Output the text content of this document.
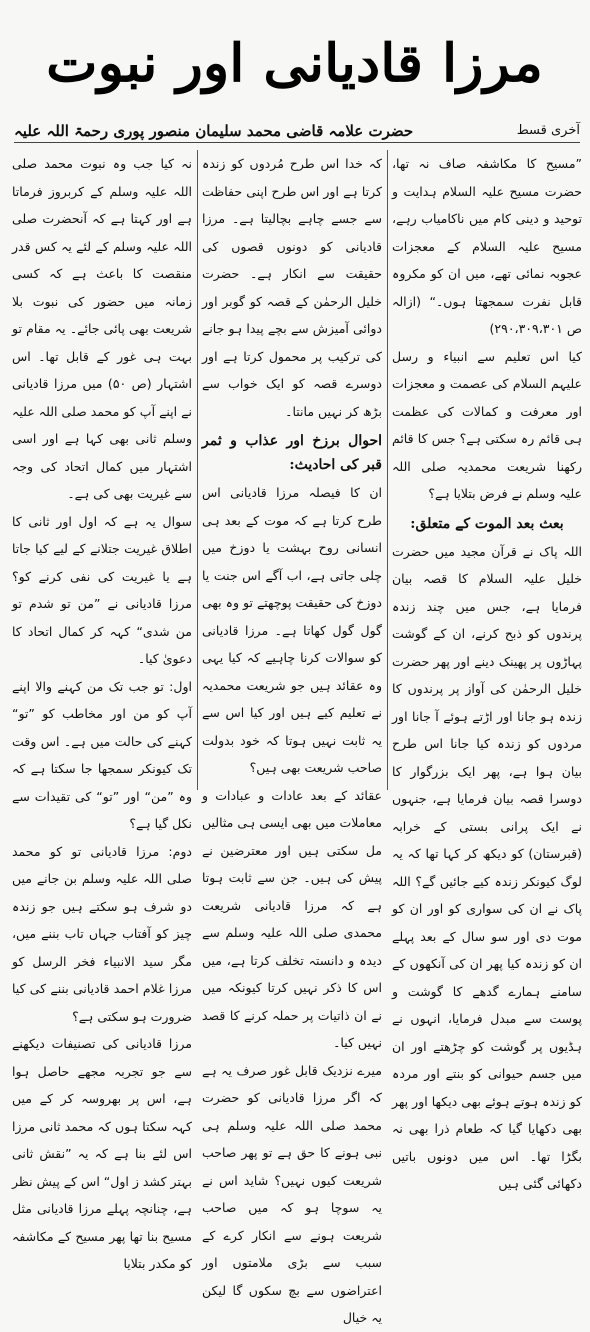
مرزا قادیانی اور نبوت
حضرت علامہ قاضی محمد سلیمان منصور پوری رحمۃ اللہ علیہ	آخری قسط

”مسیح کا مکاشفہ صاف نہ تھا، حضرت مسیح علیہ السلام ہدایت و توحید و دینی کام میں ناکامیاب رہے، مسیح علیہ السلام کے معجزات عجوبہ نمائی تھے، میں ان کو مکروہ قابل نفرت سمجھتا ہوں۔“ (ازالہ ص ۲۹۰،۳۰۹،۳۰۱)

کیا اس تعلیم سے انبیاء و رسل علیہم السلام کی عصمت و معجزات اور معرفت و کمالات کی عظمت ہی قائم رہ سکتی ہے؟ جس کا قائم رکھنا شریعت محمدیہ صلی اللہ علیہ وسلم نے فرض بتلایا ہے؟

بعث بعد الموت کے متعلق:

اللہ پاک نے قرآن مجید میں حضرت خلیل علیہ السلام کا قصہ بیان فرمایا ہے، جس میں چند زندہ پرندوں کو ذبح کرنے، ان کے گوشت پہاڑوں پر پھینک دینے اور پھر حضرت خلیل الرحمٰن کی آواز پر پرندوں کا زندہ ہو جانا اور اڑتے ہوئے آ جانا اور مردوں کو زندہ کیا جانا اس طرح بیان ہوا ہے، پھر ایک بزرگوار کا دوسرا قصہ بیان فرمایا ہے، جنہوں نے ایک پرانی بستی کے خرابہ (قبرستان) کو دیکھ کر کہا تھا کہ یہ لوگ کیونکر زندہ کیے جائیں گے؟ اللہ پاک نے ان کی سواری کو اور ان کو موت دی اور سو سال کے بعد پہلے ان کو زندہ کیا پھر ان کی آنکھوں کے سامنے ہمارے گدھے کا گوشت و پوست سے مبدل فرمایا، انہوں نے ہڈیوں پر گوشت کو چڑھتے اور ان میں جسم حیوانی کو بنتے اور مردہ کو زندہ ہوتے ہوئے بھی دیکھا اور پھر بھی دکھایا گیا کہ طعام ذرا بھی نہ بگڑا تھا۔ اس میں دونوں باتیں دکھائی گئی ہیں

کہ خدا اس طرح مُردوں کو زندہ کرتا ہے اور اس طرح اپنی حفاظت سے جسے چاہے بچالیتا ہے۔ مرزا قادیانی کو دونوں قصوں کی حقیقت سے انکار ہے۔ حضرت خلیل الرحمٰن کے قصہ کو گوبر اور دوائی آمیزش سے بچے پیدا ہو جانے کی ترکیب پر محمول کرتا ہے اور دوسرے قصہ کو ایک خواب سے بڑھ کر نہیں مانتا۔

احوال برزخ اور عذاب و ثمر قبر کی احادیث:

ان کا فیصلہ مرزا قادیانی اس طرح کرتا ہے کہ موت کے بعد ہی انسانی روح بہشت یا دوزخ میں چلی جاتی ہے، اب آگے اس جنت یا دوزخ کی حقیقت پوچھتے تو وہ بھی گول گول کھاتا ہے۔ مرزا قادیانی کو سوالات کرنا چاہیے کہ کیا یہی وہ عقائد ہیں جو شریعت محمدیہ نے تعلیم کیے ہیں اور کیا اس سے یہ ثابت نہیں ہوتا کہ خود بدولت صاحب شریعت بھی ہیں؟

عقائد کے بعد عادات و عبادات و معاملات میں بھی ایسی ہی مثالیں مل سکتی ہیں اور معترضین نے پیش کی ہیں۔ جن سے ثابت ہوتا ہے کہ مرزا قادیانی شریعت محمدی صلی اللہ علیہ وسلم سے دیدہ و دانستہ تخلف کرتا ہے، میں اس کا ذکر نہیں کرتا کیونکہ میں نے ان ذاتیات پر حملہ کرنے کا قصد نہیں کیا۔

میرے نزدیک قابل غور صرف یہ ہے کہ اگر مرزا قادیانی کو حضرت محمد صلی اللہ علیہ وسلم ہی نبی ہونے کا حق ہے تو پھر صاحب شریعت کیوں نہیں؟ شاید اس نے یہ سوچا ہو کہ میں صاحب شریعت ہونے سے انکار کرے کے سبب سے بڑی ملامتوں اور اعتراضوں سے بچ سکوں گا لیکن یہ خیال

نہ کیا جب وہ نبوت محمد صلی اللہ علیہ وسلم کے کربروز فرماتا ہے اور کہتا ہے کہ آنحضرت صلی اللہ علیہ وسلم کے لئے یہ کس قدر منقصت کا باعث ہے کہ کسی زمانہ میں حضور کی نبوت بلا شریعت بھی پائی جائے۔ یہ مقام تو بہت ہی غور کے قابل تھا۔ اس اشتہار (ص ۵۰) میں مرزا قادیانی نے اپنے آپ کو محمد صلی اللہ علیہ وسلم ثانی بھی کہا ہے اور اسی اشتہار میں کمال اتحاد کی وجہ سے غیریت بھی کی ہے۔

سوال یہ ہے کہ اول اور ثانی کا اطلاق غیریت جتلانے کے لیے کیا جاتا ہے یا غیریت کی نفی کرنے کو؟ مرزا قادیانی نے ”من تو شدم تو من شدی“ کہہ کر کمال اتحاد کا دعویٰ کیا۔

اول: تو جب تک من کہنے والا اپنے آپ کو من اور مخاطب کو ”تو“ کہنے کی حالت میں ہے۔ اس وقت تک کیونکر سمجھا جا سکتا ہے کہ وہ ”من“ اور ”تو“ کی تقیدات سے نکل گیا ہے؟

دوم: مرزا قادیانی تو کو محمد صلی اللہ علیہ وسلم بن جانے میں دو شرف ہو سکتے ہیں جو زندہ چیز کو آفتاب جہاں تاب بننے میں، مگر سید الانبیاء فخر الرسل کو مرزا غلام احمد قادیانی بننے کی کیا ضرورت ہو سکتی ہے؟

مرزا قادیانی کی تصنیفات دیکھنے سے جو تجربہ مجھے حاصل ہوا ہے، اس پر بھروسہ کر کے میں کہہ سکتا ہوں کہ محمد ثانی مرزا اس لئے بنا ہے کہ یہ ”نقش ثانی بہتر کشد ز اول“ اس کے پیش نظر ہے، چنانچہ پہلے مرزا قادیانی مثل مسیح بنا تھا پھر مسیح کے مکاشفہ کو مکدر بتلایا
